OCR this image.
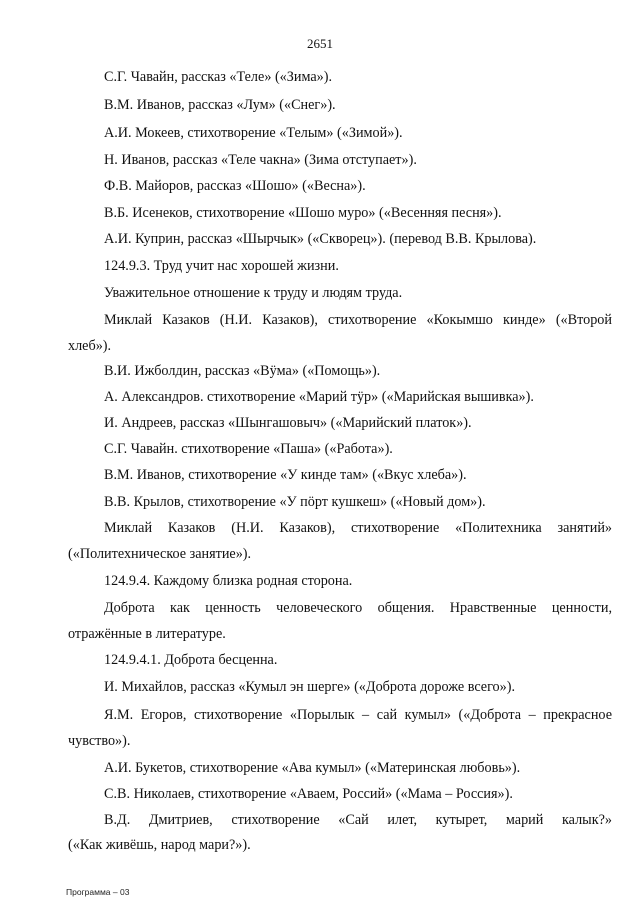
2651
С.Г. Чавайн, рассказ «Теле» («Зима»).
В.М. Иванов, рассказ «Лум» («Снег»).
А.И. Мокеев, стихотворение «Телым» («Зимой»).
Н. Иванов, рассказ «Теле чакна» (Зима отступает»).
Ф.В. Майоров, рассказ «Шошо» («Весна»).
В.Б. Исенеков, стихотворение «Шошо муро» («Весенняя песня»).
А.И. Куприн, рассказ «Шырчык» («Скворец»). (перевод В.В. Крылова).
124.9.3. Труд учит нас хорошей жизни.
Уважительное отношение к труду и людям труда.
Миклай Казаков (Н.И. Казаков), стихотворение «Кокымшо кинде» («Второй
хлеб»).
В.И. Ижболдин, рассказ «Вӱма» («Помощь»).
А. Александров. стихотворение «Марий тӱр» («Марийская вышивка»).
И. Андреев, рассказ «Шынгашовыч» («Марийский платок»).
С.Г. Чавайн. стихотворение «Паша» («Работа»).
В.М. Иванов, стихотворение «У кинде там» («Вкус хлеба»).
В.В. Крылов, стихотворение «У пӧрт кушкеш» («Новый дом»).
Миклай Казаков (Н.И. Казаков), стихотворение «Политехника занятий»
(«Политехническое занятие»).
124.9.4. Каждому близка родная сторона.
Доброта как ценность человеческого общения. Нравственные ценности,
отражённые в литературе.
124.9.4.1. Доброта бесценна.
И. Михайлов, рассказ «Кумыл эн шерге» («Доброта дороже всего»).
Я.М. Егоров, стихотворение «Порылык – сай кумыл» («Доброта – прекрасное
чувство»).
А.И. Букетов, стихотворение «Ава кумыл» («Материнская любовь»).
С.В. Николаев, стихотворение «Аваем, Россий» («Мама – Россия»).
В.Д. Дмитриев, стихотворение «Сай илет, кутырет, марий калык?»
(«Как живёшь, народ мари?»).
Программа – 03
